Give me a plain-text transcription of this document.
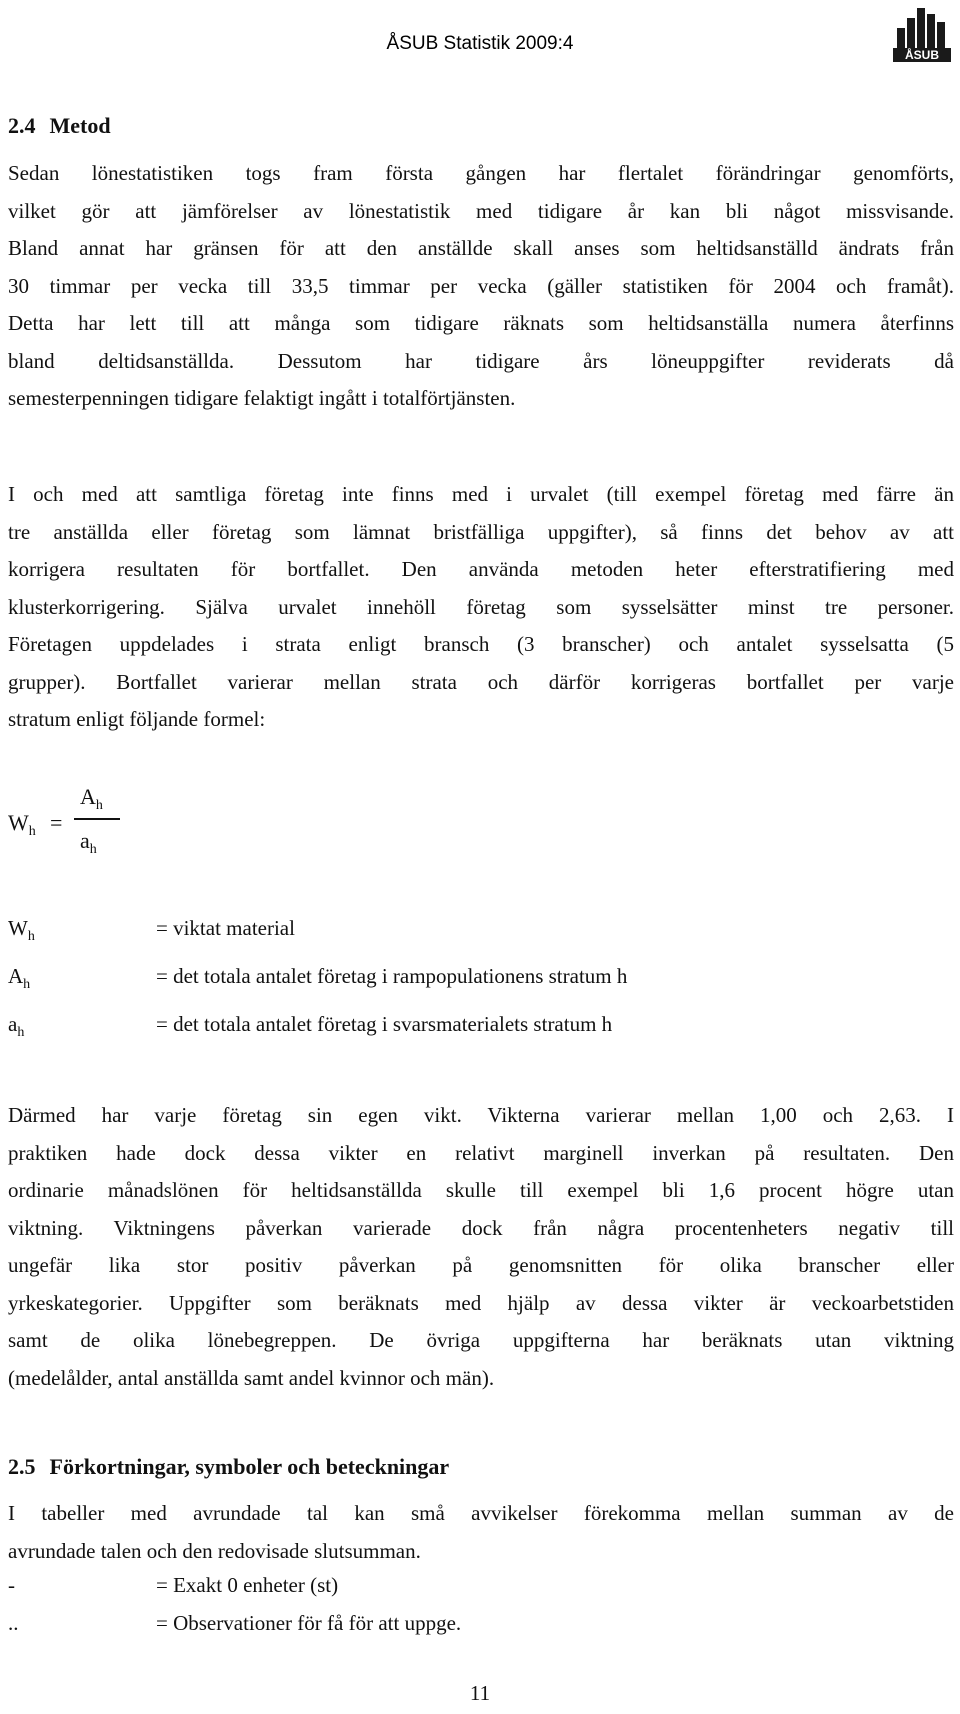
ÅSUB Statistik 2009:4
ÅSUB
2.4 Metod
Sedan lönestatistiken togs fram första gången har flertalet förändringar genomförts,
vilket gör att jämförelser av lönestatistik med tidigare år kan bli något missvisande.
Bland annat har gränsen för att den anställde skall anses som heltidsanställd ändrats från
30 timmar per vecka till 33,5 timmar per vecka (gäller statistiken för 2004 och framåt).
Detta har lett till att många som tidigare räknats som heltidsanställa numera återfinns
bland deltidsanställda. Dessutom har tidigare års löneuppgifter reviderats då
semesterpenningen tidigare felaktigt ingått i totalförtjänsten.
I och med att samtliga företag inte finns med i urvalet (till exempel företag med färre än
tre anställda eller företag som lämnat bristfälliga uppgifter), så finns det behov av att
korrigera resultaten för bortfallet. Den använda metoden heter efterstratifiering med
klusterkorrigering. Själva urvalet innehöll företag som sysselsätter minst tre personer.
Företagen uppdelades i strata enligt bransch (3 branscher) och antalet sysselsatta (5
grupper). Bortfallet varierar mellan strata och därför korrigeras bortfallet per varje
stratum enligt följande formel:
$W_h$ =
$A_h$
$a_h$
$W_h$	= viktat material
$A_h$	= det totala antalet företag i rampopulationens stratum h
$a_h$	= det totala antalet företag i svarsmaterialets stratum h
Därmed har varje företag sin egen vikt. Vikterna varierar mellan 1,00 och 2,63. I
praktiken hade dock dessa vikter en relativt marginell inverkan på resultaten. Den
ordinarie månadslönen för heltidsanställda skulle till exempel bli 1,6 procent högre utan
viktning. Viktningens påverkan varierade dock från några procentenheters negativ till
ungefär lika stor positiv påverkan på genomsnitten för olika branscher eller
yrkeskategorier. Uppgifter som beräknats med hjälp av dessa vikter är veckoarbetstiden
samt de olika lönebegreppen. De övriga uppgifterna har beräknats utan viktning
(medelålder, antal anställda samt andel kvinnor och män).
2.5 Förkortningar, symboler och beteckningar
I tabeller med avrundade tal kan små avvikelser förekomma mellan summan av de
avrundade talen och den redovisade slutsumman.
-	= Exakt 0 enheter (st)
..	= Observationer för få för att uppge.
11
